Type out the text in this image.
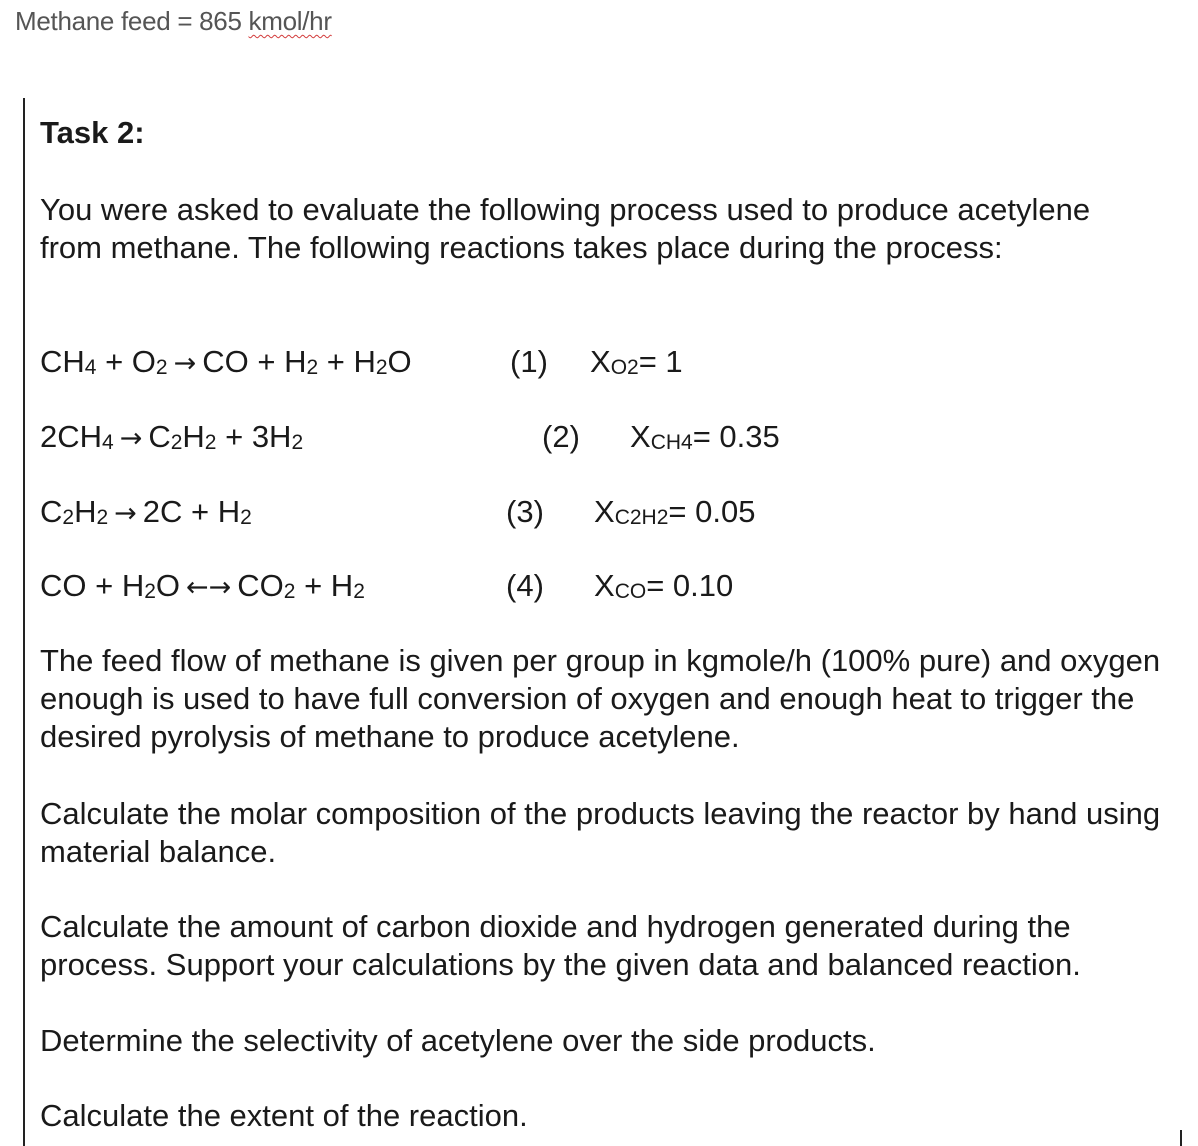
Methane feed = 865 kmol/hr
Task 2:

You were asked to evaluate the following process used to produce acetylene from methane. The following reactions takes place during the process:

$CH_4 + O_2$ → CO + $H_2 + H_2O$	(1) $X_{O2}= 1$
$2CH_4 \to C_2H_2 + 3H_2$	(2) $X_{CH4}= 0.35$
$C_2H_2 \to 2C + H_2$	(3) $X_{C2H2}= 0.05$
CO + $H_2O$ ←→ $CO_2 + H_2$	(4) $X_{CO}= 0.10$

The feed flow of methane is given per group in kgmole/h (100% pure) and oxygen enough is used to have full conversion of oxygen and enough heat to trigger the desired pyrolysis of methane to produce acetylene.

Calculate the molar composition of the products leaving the reactor by hand using material balance.

Calculate the amount of carbon dioxide and hydrogen generated during the process. Support your calculations by the given data and balanced reaction.

Determine the selectivity of acetylene over the side products.

Calculate the extent of the reaction.
